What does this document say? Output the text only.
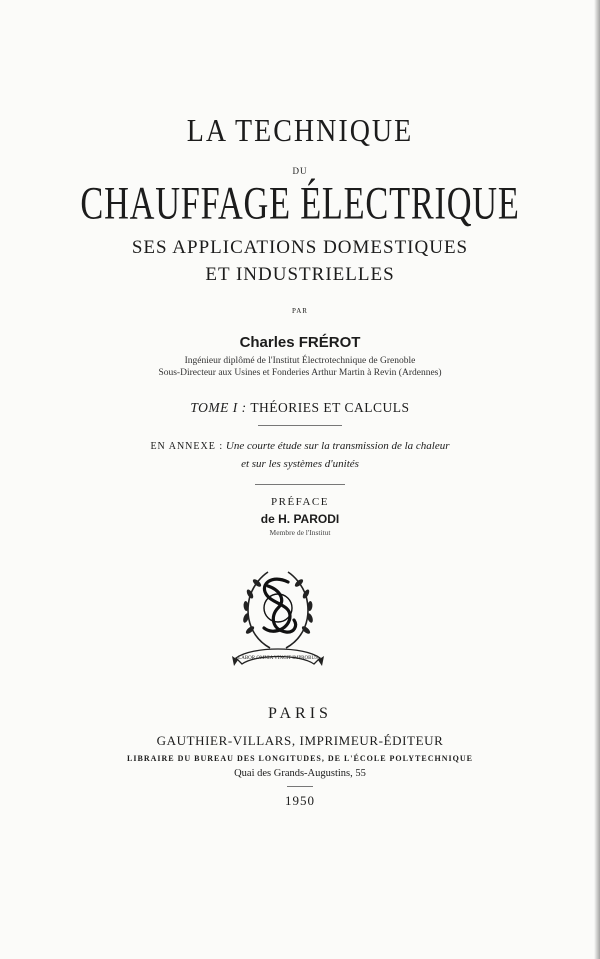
LA TECHNIQUE
DU
CHAUFFAGE ÉLECTRIQUE
SES APPLICATIONS DOMESTIQUES
ET INDUSTRIELLES
PAR
Charles FRÉROT
Ingénieur diplômé de l'Institut Électrotechnique de Grenoble
Sous-Directeur aux Usines et Fonderies Arthur Martin à Revin (Ardennes)
TOME I : THÉORIES ET CALCULS
EN ANNEXE : Une courte étude sur la transmission de la chaleur
et sur les systèmes d'unités
PRÉFACE
de H. PARODI
Membre de l'Institut
LABOR OMNIA VINCIT IMPROBUS
PARIS
GAUTHIER-VILLARS, IMPRIMEUR-ÉDITEUR
LIBRAIRE DU BUREAU DES LONGITUDES, DE L'ÉCOLE POLYTECHNIQUE
Quai des Grands-Augustins, 55
1950
